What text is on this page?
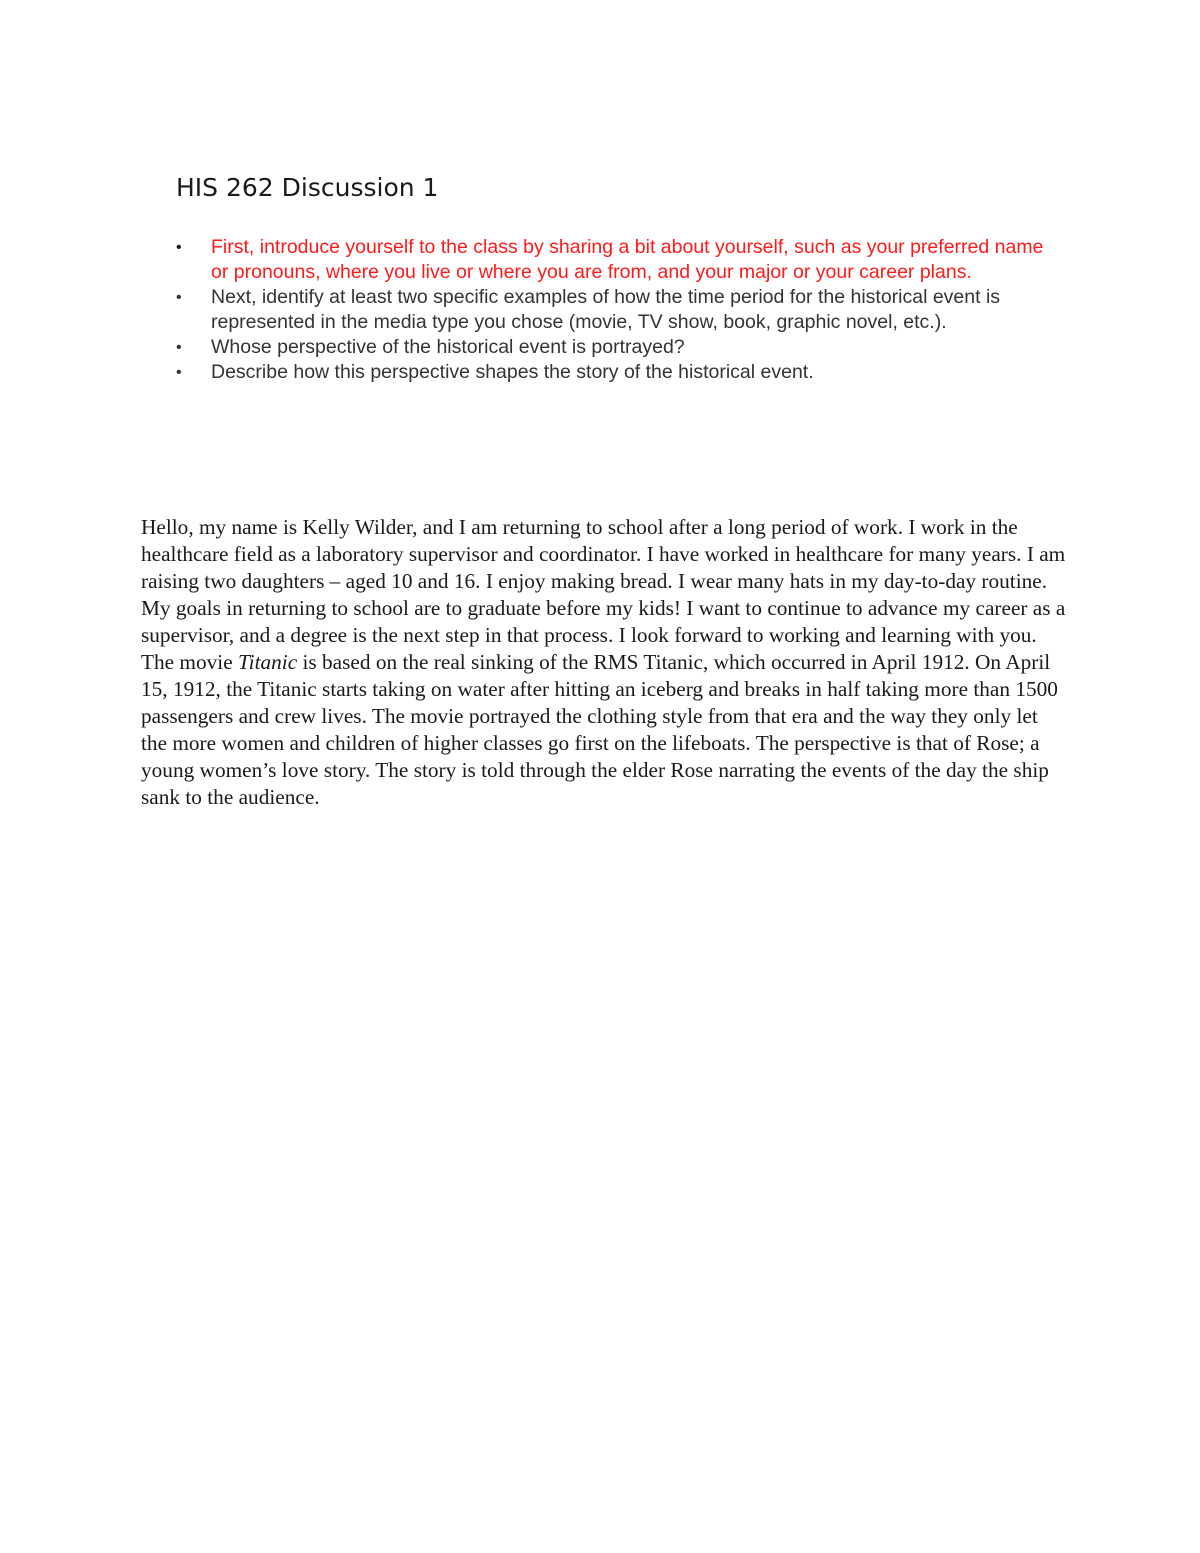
HIS 262 Discussion 1
• First, introduce yourself to the class by sharing a bit about yourself, such as your preferred name or pronouns, where you live or where you are from, and your major or your career plans.
• Next, identify at least two specific examples of how the time period for the historical event is represented in the media type you chose (movie, TV show, book, graphic novel, etc.).
• Whose perspective of the historical event is portrayed?
• Describe how this perspective shapes the story of the historical event.

Hello, my name is Kelly Wilder, and I am returning to school after a long period of work. I work in the healthcare field as a laboratory supervisor and coordinator. I have worked in healthcare for many years. I am raising two daughters – aged 10 and 16. I enjoy making bread. I wear many hats in my day-to-day routine. My goals in returning to school are to graduate before my kids! I want to continue to advance my career as a supervisor, and a degree is the next step in that process. I look forward to working and learning with you. The movie Titanic is based on the real sinking of the RMS Titanic, which occurred in April 1912. On April 15, 1912, the Titanic starts taking on water after hitting an iceberg and breaks in half taking more than 1500 passengers and crew lives. The movie portrayed the clothing style from that era and the way they only let the more women and children of higher classes go first on the lifeboats. The perspective is that of Rose; a young women’s love story. The story is told through the elder Rose narrating the events of the day the ship sank to the audience.
